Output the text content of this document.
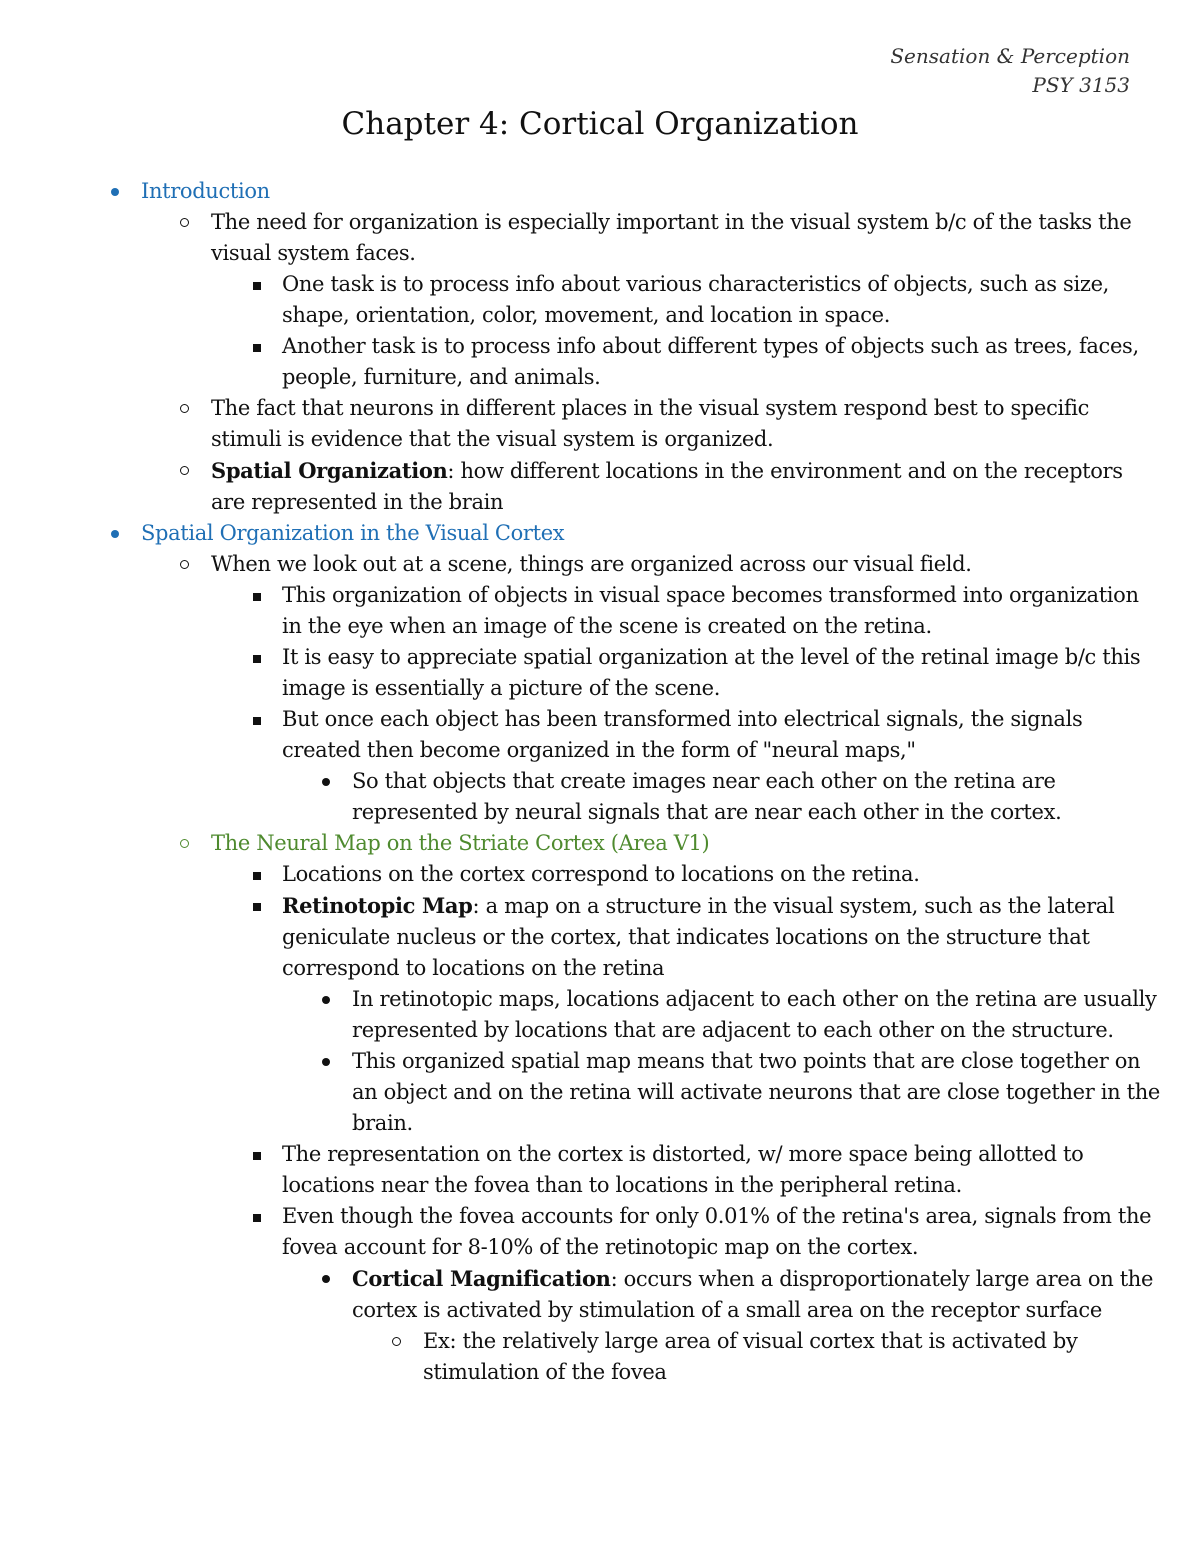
Sensation & Perception
PSY 3153
Chapter 4: Cortical Organization
Introduction
The need for organization is especially important in the visual system b/c of the tasks the visual system faces.
One task is to process info about various characteristics of objects, such as size, shape, orientation, color, movement, and location in space.
Another task is to process info about different types of objects such as trees, faces, people, furniture, and animals.
The fact that neurons in different places in the visual system respond best to specific stimuli is evidence that the visual system is organized.
Spatial Organization: how different locations in the environment and on the receptors are represented in the brain
Spatial Organization in the Visual Cortex
When we look out at a scene, things are organized across our visual field.
This organization of objects in visual space becomes transformed into organization in the eye when an image of the scene is created on the retina.
It is easy to appreciate spatial organization at the level of the retinal image b/c this image is essentially a picture of the scene.
But once each object has been transformed into electrical signals, the signals created then become organized in the form of "neural maps,"
So that objects that create images near each other on the retina are represented by neural signals that are near each other in the cortex.
The Neural Map on the Striate Cortex (Area V1)
Locations on the cortex correspond to locations on the retina.
Retinotopic Map: a map on a structure in the visual system, such as the lateral geniculate nucleus or the cortex, that indicates locations on the structure that correspond to locations on the retina
In retinotopic maps, locations adjacent to each other on the retina are usually represented by locations that are adjacent to each other on the structure.
This organized spatial map means that two points that are close together on an object and on the retina will activate neurons that are close together in the brain.
The representation on the cortex is distorted, w/ more space being allotted to locations near the fovea than to locations in the peripheral retina.
Even though the fovea accounts for only 0.01% of the retina's area, signals from the fovea account for 8-10% of the retinotopic map on the cortex.
Cortical Magnification: occurs when a disproportionately large area on the cortex is activated by stimulation of a small area on the receptor surface
Ex: the relatively large area of visual cortex that is activated by stimulation of the fovea
